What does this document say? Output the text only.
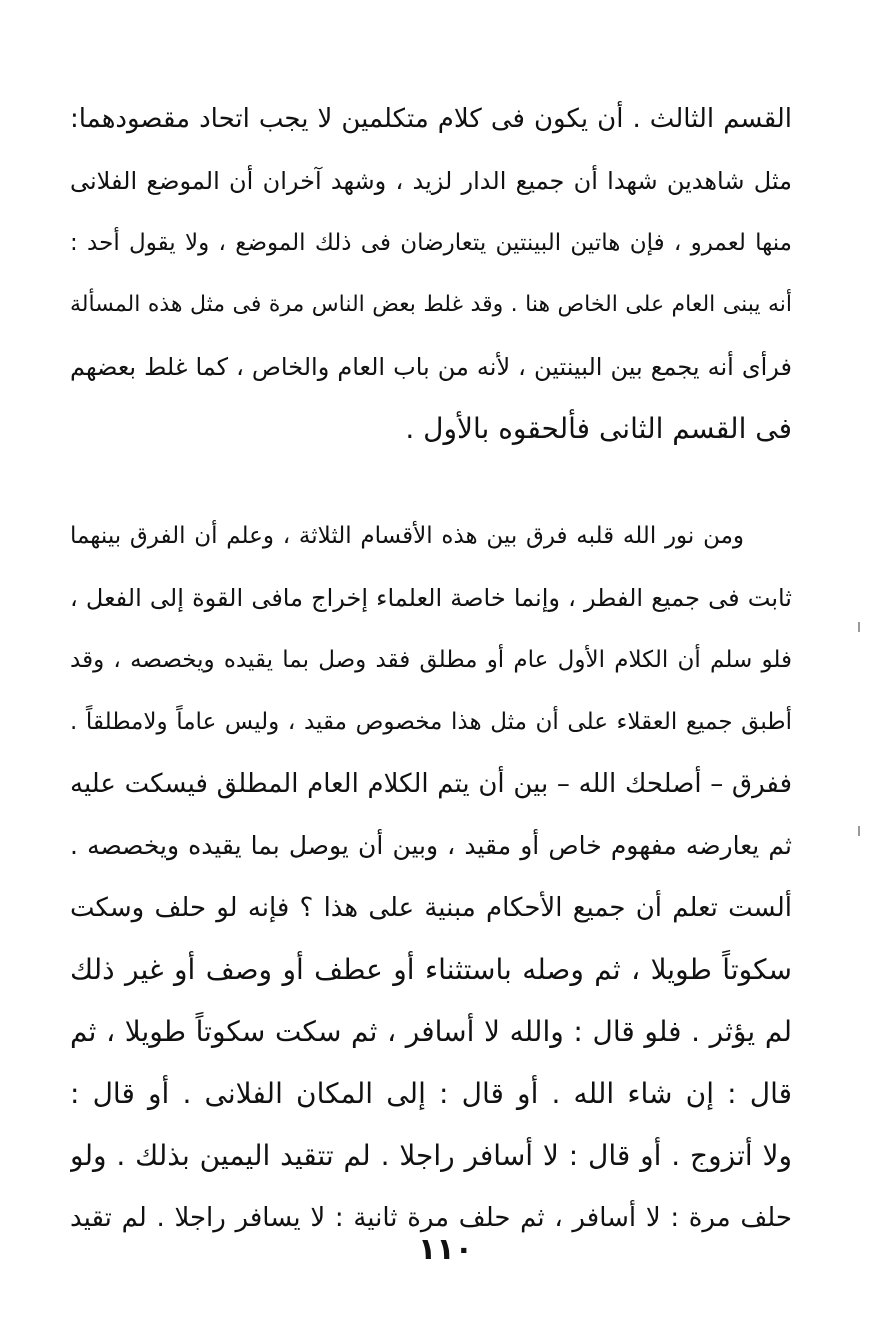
القسم الثالث . أن يكون فى كلام متكلمين لا يجب اتحاد مقصودهما:
مثل شاهدين شهدا أن جميع الدار لزيد ، وشهد آخران أن الموضع الفلانى
منها لعمرو ، فإن هاتين البينتين يتعارضان فى ذلك الموضع ، ولا يقول أحد :
أنه يبنى العام على الخاص هنا . وقد غلط بعض الناس مرة فى مثل هذه المسألة
فرأى أنه يجمع بين البينتين ، لأنه من باب العام والخاص ، كما غلط بعضهم
فى القسم الثانى فألحقوه بالأول .
ومن نور الله قلبه فرق بين هذه الأقسام الثلاثة ، وعلم أن الفرق بينهما
ثابت فى جميع الفطر ، وإنما خاصة العلماء إخراج مافى القوة إلى الفعل ،
فلو سلم أن الكلام الأول عام أو مطلق فقد وصل بما يقيده ويخصصه ، وقد
أطبق جميع العقلاء على أن مثل هذا مخصوص مقيد ، وليس عاماً ولامطلقاً .
ففرق – أصلحك الله – بين أن يتم الكلام العام المطلق فيسكت عليه
ثم يعارضه مفهوم خاص أو مقيد ، وبين أن يوصل بما يقيده ويخصصه .
ألست تعلم أن جميع الأحكام مبنية على هذا ؟ فإنه لو حلف وسكت
سكوتاً طويلا ، ثم وصله باستثناء أو عطف أو وصف أو غير ذلك
لم يؤثر . فلو قال : والله لا أسافر ، ثم سكت سكوتاً طويلا ، ثم
قال : إن شاء الله . أو قال : إلى المكان الفلانى . أو قال :
ولا أتزوج . أو قال : لا أسافر راجلا . لم تتقيد اليمين بذلك . ولو
حلف مرة : لا أسافر ، ثم حلف مرة ثانية : لا يسافر راجلا . لم تقيد
١١٠
